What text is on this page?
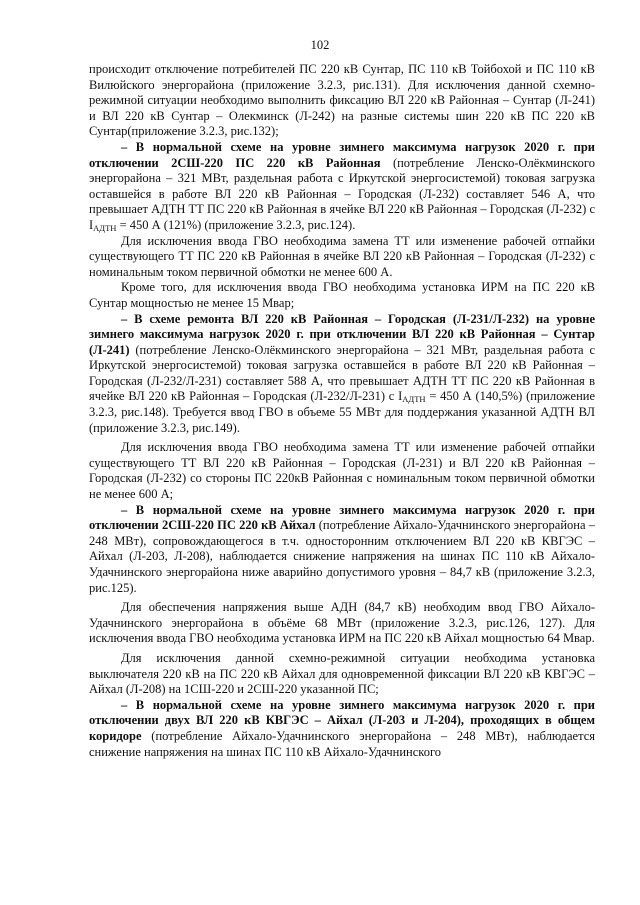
102

происходит отключение потребителей ПС 220 кВ Сунтар, ПС 110 кВ Тойбохой и ПС 110 кВ Вилюйского энергорайона (приложение 3.2.3, рис.131). Для исключения данной схемно-режимной ситуации необходимо выполнить фиксацию ВЛ 220 кВ Районная – Сунтар (Л-241) и ВЛ 220 кВ Сунтар – Олекминск (Л-242) на разные системы шин 220 кВ ПС 220 кВ Сунтар(приложение 3.2.3, рис.132);

– В нормальной схеме на уровне зимнего максимума нагрузок 2020 г. при отключении 2СШ-220 ПС 220 кВ Районная (потребление Ленско-Олёкминского энергорайона – 321 МВт, раздельная работа с Иркутской энергосистемой) токовая загрузка оставшейся в работе ВЛ 220 кВ Районная – Городская (Л-232) составляет 546 А, что превышает АДТН ТТ ПС 220 кВ Районная в ячейке ВЛ 220 кВ Районная – Городская (Л-232) с $I_{АДТН} = 450$ А (121%) (приложение 3.2.3, рис.124).

Для исключения ввода ГВО необходима замена ТТ или изменение рабочей отпайки существующего ТТ ПС 220 кВ Районная в ячейке ВЛ 220 кВ Районная – Городская (Л-232) с номинальным током первичной обмотки не менее 600 А.

Кроме того, для исключения ввода ГВО необходима установка ИРМ на ПС 220 кВ Сунтар мощностью не менее 15 Мвар;

– В схеме ремонта ВЛ 220 кВ Районная – Городская (Л-231/Л-232) на уровне зимнего максимума нагрузок 2020 г. при отключении ВЛ 220 кВ Районная – Сунтар (Л-241) (потребление Ленско-Олёкминского энергорайона – 321 МВт, раздельная работа с Иркутской энергосистемой) токовая загрузка оставшейся в работе ВЛ 220 кВ Районная – Городская (Л-232/Л-231) составляет 588 А, что превышает АДТН ТТ ПС 220 кВ Районная в ячейке ВЛ 220 кВ Районная – Городская (Л-232/Л-231) с $I_{АДТН} = 450$ А (140,5%) (приложение 3.2.3, рис.148). Требуется ввод ГВО в объеме 55 МВт для поддержания указанной АДТН ВЛ (приложение 3.2.3, рис.149).

Для исключения ввода ГВО необходима замена ТТ или изменение рабочей отпайки существующего ТТ ВЛ 220 кВ Районная – Городская (Л-231) и ВЛ 220 кВ Районная – Городская (Л-232) со стороны ПС 220кВ Районная с номинальным током первичной обмотки не менее 600 А;

– В нормальной схеме на уровне зимнего максимума нагрузок 2020 г. при отключении 2СШ-220 ПС 220 кВ Айхал (потребление Айхало-Удачнинского энергорайона – 248 МВт), сопровождающегося в т.ч. односторонним отключением ВЛ 220 кВ КВГЭС – Айхал (Л-203, Л-208), наблюдается снижение напряжения на шинах ПС 110 кВ Айхало-Удачнинского энергорайона ниже аварийно допустимого уровня – 84,7 кВ (приложение 3.2.3, рис.125).

Для обеспечения напряжения выше АДН (84,7 кВ) необходим ввод ГВО Айхало-Удачнинского энергорайона в объёме 68 МВт (приложение 3.2.3, рис.126, 127). Для исключения ввода ГВО необходима установка ИРМ на ПС 220 кВ Айхал мощностью 64 Мвар.

Для исключения данной схемно-режимной ситуации необходима установка выключателя 220 кВ на ПС 220 кВ Айхал для одновременной фиксации ВЛ 220 кВ КВГЭС – Айхал (Л-208) на 1СШ-220 и 2СШ-220 указанной ПС;

– В нормальной схеме на уровне зимнего максимума нагрузок 2020 г. при отключении двух ВЛ 220 кВ КВГЭС – Айхал (Л-203 и Л-204), проходящих в общем коридоре (потребление Айхало-Удачнинского энергорайона – 248 МВт), наблюдается снижение напряжения на шинах ПС 110 кВ Айхало-Удачнинского
